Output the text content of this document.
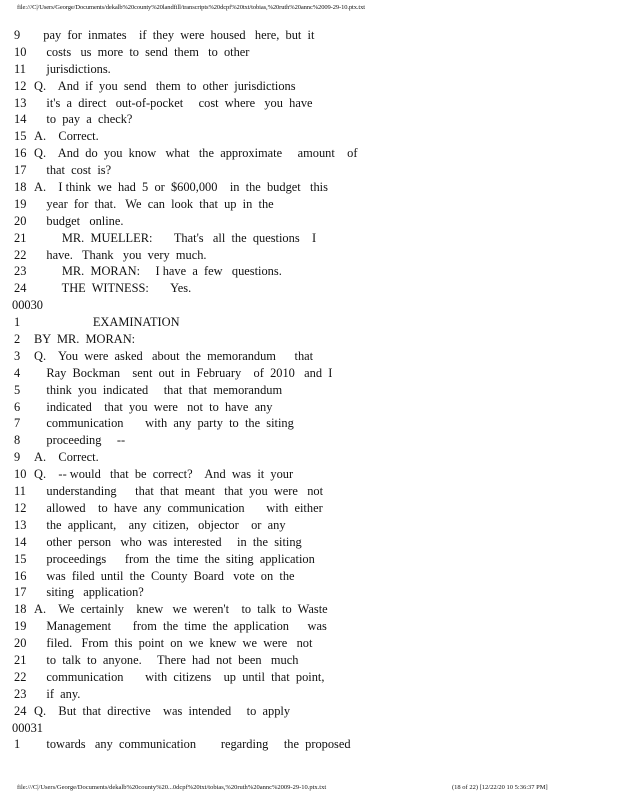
file:///C|/Users/George/Documents/dekalb%20county%20landfill/transcripts%20dcpf%20txt/tobias,%20ruth%20annc%2009-29-10.ptx.txt
9	pay  for  inmates    if  they  were  housed   here,  but  it
10 costs   us  more  to  send  them   to  other
11 jurisdictions.
12 Q.    And  if  you  send   them  to  other  jurisdictions
13 it's  a  direct   out-of-pocket     cost  where   you  have
14 to  pay  a  check?
15 A.    Correct.
16 Q.    And  do  you  know   what   the  approximate     amount    of
17 that  cost  is?
18 A.    I think  we  had  5  or  $600,000    in  the  budget   this
19 year  for  that.   We  can  look  that  up  in  the
20 budget   online.
21 MR.  MUELLER:       That's   all  the  questions    I
22 have.   Thank   you  very  much.
23 MR.  MORAN:     I have  a  few   questions.
24 THE  WITNESS:       Yes.
00030
1	EXAMINATION
2	BY  MR.  MORAN:
3	Q.    You  were  asked   about  the  memorandum      that
4	Ray  Bockman    sent  out  in  February    of  2010   and  I
5	think  you  indicated     that  that  memorandum
6	indicated    that  you  were   not  to  have  any
7	communication       with  any  party  to  the  siting
8	proceeding     --
9	A.    Correct.
10 Q.    -- would   that  be  correct?    And  was  it  your
11 understanding      that  that  meant   that  you  were   not
12 allowed    to  have  any  communication       with  either
13 the  applicant,    any  citizen,   objector    or  any
14 other  person   who  was  interested     in  the  siting
15 proceedings      from  the  time  the  siting  application
16 was  filed  until  the  County  Board   vote  on  the
17 siting   application?
18 A.    We  certainly    knew   we  weren't    to  talk  to  Waste
19 Management       from  the  time  the  application      was
20 filed.   From  this  point  on  we  knew  we  were   not
21 to  talk  to  anyone.     There  had  not  been   much
22 communication       with  citizens    up  until  that  point,
23 if  any.
24 Q.    But  that  directive    was  intended     to  apply
00031
1	towards   any  communication        regarding     the  proposed
file:///C|/Users/George/Documents/dekalb%20county%20...0dcpf%20txt/tobias,%20ruth%20annc%2009-29-10.ptx.txt	(18 of 22) [12/22/20 10 5:36:37 PM]
